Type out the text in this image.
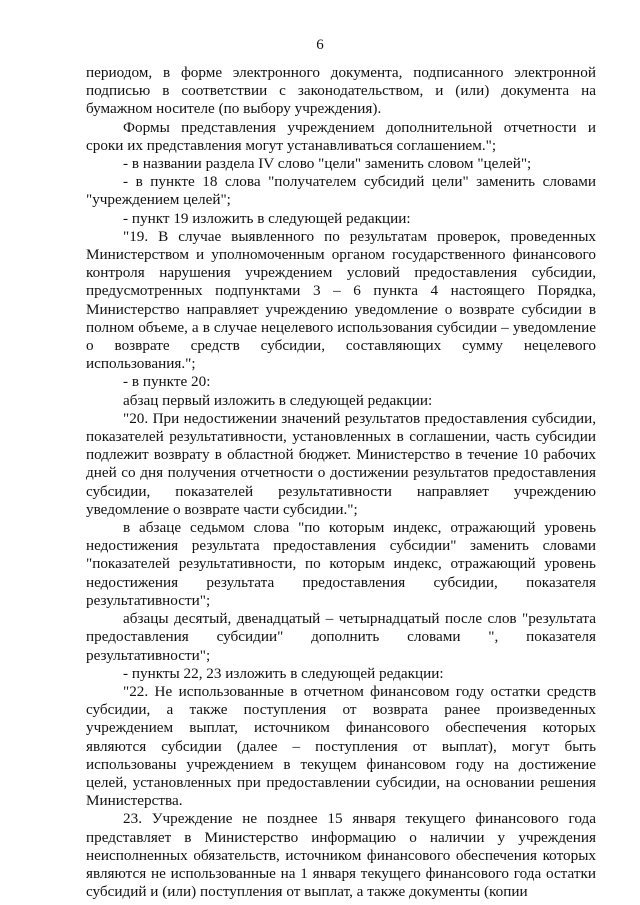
6

периодом, в форме электронного документа, подписанного электронной подписью в соответствии с законодательством, и (или) документа на бумажном носителе (по выбору учреждения).

Формы представления учреждением дополнительной отчетности и сроки их представления могут устанавливаться соглашением.";

- в названии раздела IV слово "цели" заменить словом "целей";

- в пункте 18 слова "получателем субсидий цели" заменить словами "учреждением целей";

- пункт 19 изложить в следующей редакции:

"19. В случае выявленного по результатам проверок, проведенных Министерством и уполномоченным органом государственного финансового контроля нарушения учреждением условий предоставления субсидии, предусмотренных подпунктами 3 – 6 пункта 4 настоящего Порядка, Министерство направляет учреждению уведомление о возврате субсидии в полном объеме, а в случае нецелевого использования субсидии – уведомление о возврате средств субсидии, составляющих сумму нецелевого использования.";

- в пункте 20:

абзац первый изложить в следующей редакции:

"20. При недостижении значений результатов предоставления субсидии, показателей результативности, установленных в соглашении, часть субсидии подлежит возврату в областной бюджет. Министерство в течение 10 рабочих дней со дня получения отчетности о достижении результатов предоставления субсидии, показателей результативности направляет учреждению уведомление о возврате части субсидии.";

в абзаце седьмом слова "по которым индекс, отражающий уровень недостижения результата предоставления субсидии" заменить словами "показателей результативности, по которым индекс, отражающий уровень недостижения результата предоставления субсидии, показателя результативности";

абзацы десятый, двенадцатый – четырнадцатый после слов "результата предоставления субсидии" дополнить словами ", показателя результативности";

- пункты 22, 23 изложить в следующей редакции:

"22. Не использованные в отчетном финансовом году остатки средств субсидии, а также поступления от возврата ранее произведенных учреждением выплат, источником финансового обеспечения которых являются субсидии (далее – поступления от выплат), могут быть использованы учреждением в текущем финансовом году на достижение целей, установленных при предоставлении субсидии, на основании решения Министерства.

23. Учреждение не позднее 15 января текущего финансового года представляет в Министерство информацию о наличии у учреждения неисполненных обязательств, источником финансового обеспечения которых являются не использованные на 1 января текущего финансового года остатки субсидий и (или) поступления от выплат, а также документы (копии
